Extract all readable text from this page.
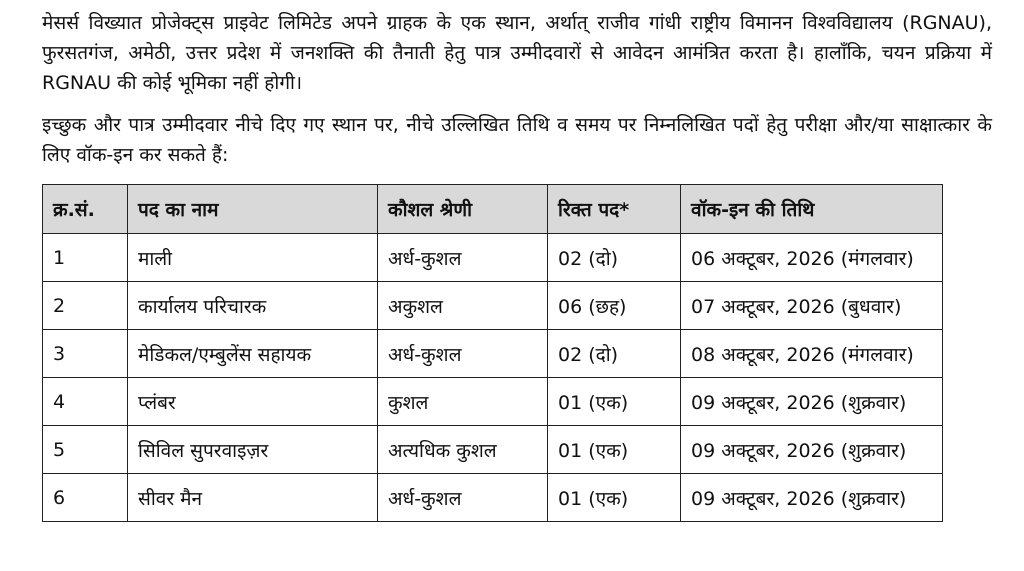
मेसर्स विख्यात प्रोजेक्ट्स प्राइवेट लिमिटेड अपने ग्राहक के एक स्थान, अर्थात् राजीव गांधी राष्ट्रीय विमानन विश्वविद्यालय (RGNAU), फुरसतगंज, अमेठी, उत्तर प्रदेश में जनशक्ति की तैनाती हेतु पात्र उम्मीदवारों से आवेदन आमंत्रित करता है। हालाँकि, चयन प्रक्रिया में RGNAU की कोई भूमिका नहीं होगी।

इच्छुक और पात्र उम्मीदवार नीचे दिए गए स्थान पर, नीचे उल्लिखित तिथि व समय पर निम्नलिखित पदों हेतु परीक्षा और/या साक्षात्कार के लिए वॉक-इन कर सकते हैं:

क्र.सं.	पद का नाम	कौशल श्रेणी	रिक्त पद*	वॉक-इन की तिथि
1	माली	अर्ध-कुशल	02 (दो)	06 अक्टूबर, 2026 (मंगलवार)
2	कार्यालय परिचारक	अकुशल	06 (छह)	07 अक्टूबर, 2026 (बुधवार)
3	मेडिकल/एम्बुलेंस सहायक	अर्ध-कुशल	02 (दो)	08 अक्टूबर, 2026 (मंगलवार)
4	प्लंबर	कुशल	01 (एक)	09 अक्टूबर, 2026 (शुक्रवार)
5	सिविल सुपरवाइज़र	अत्यधिक कुशल	01 (एक)	09 अक्टूबर, 2026 (शुक्रवार)
6	सीवर मैन	अर्ध-कुशल	01 (एक)	09 अक्टूबर, 2026 (शुक्रवार)
